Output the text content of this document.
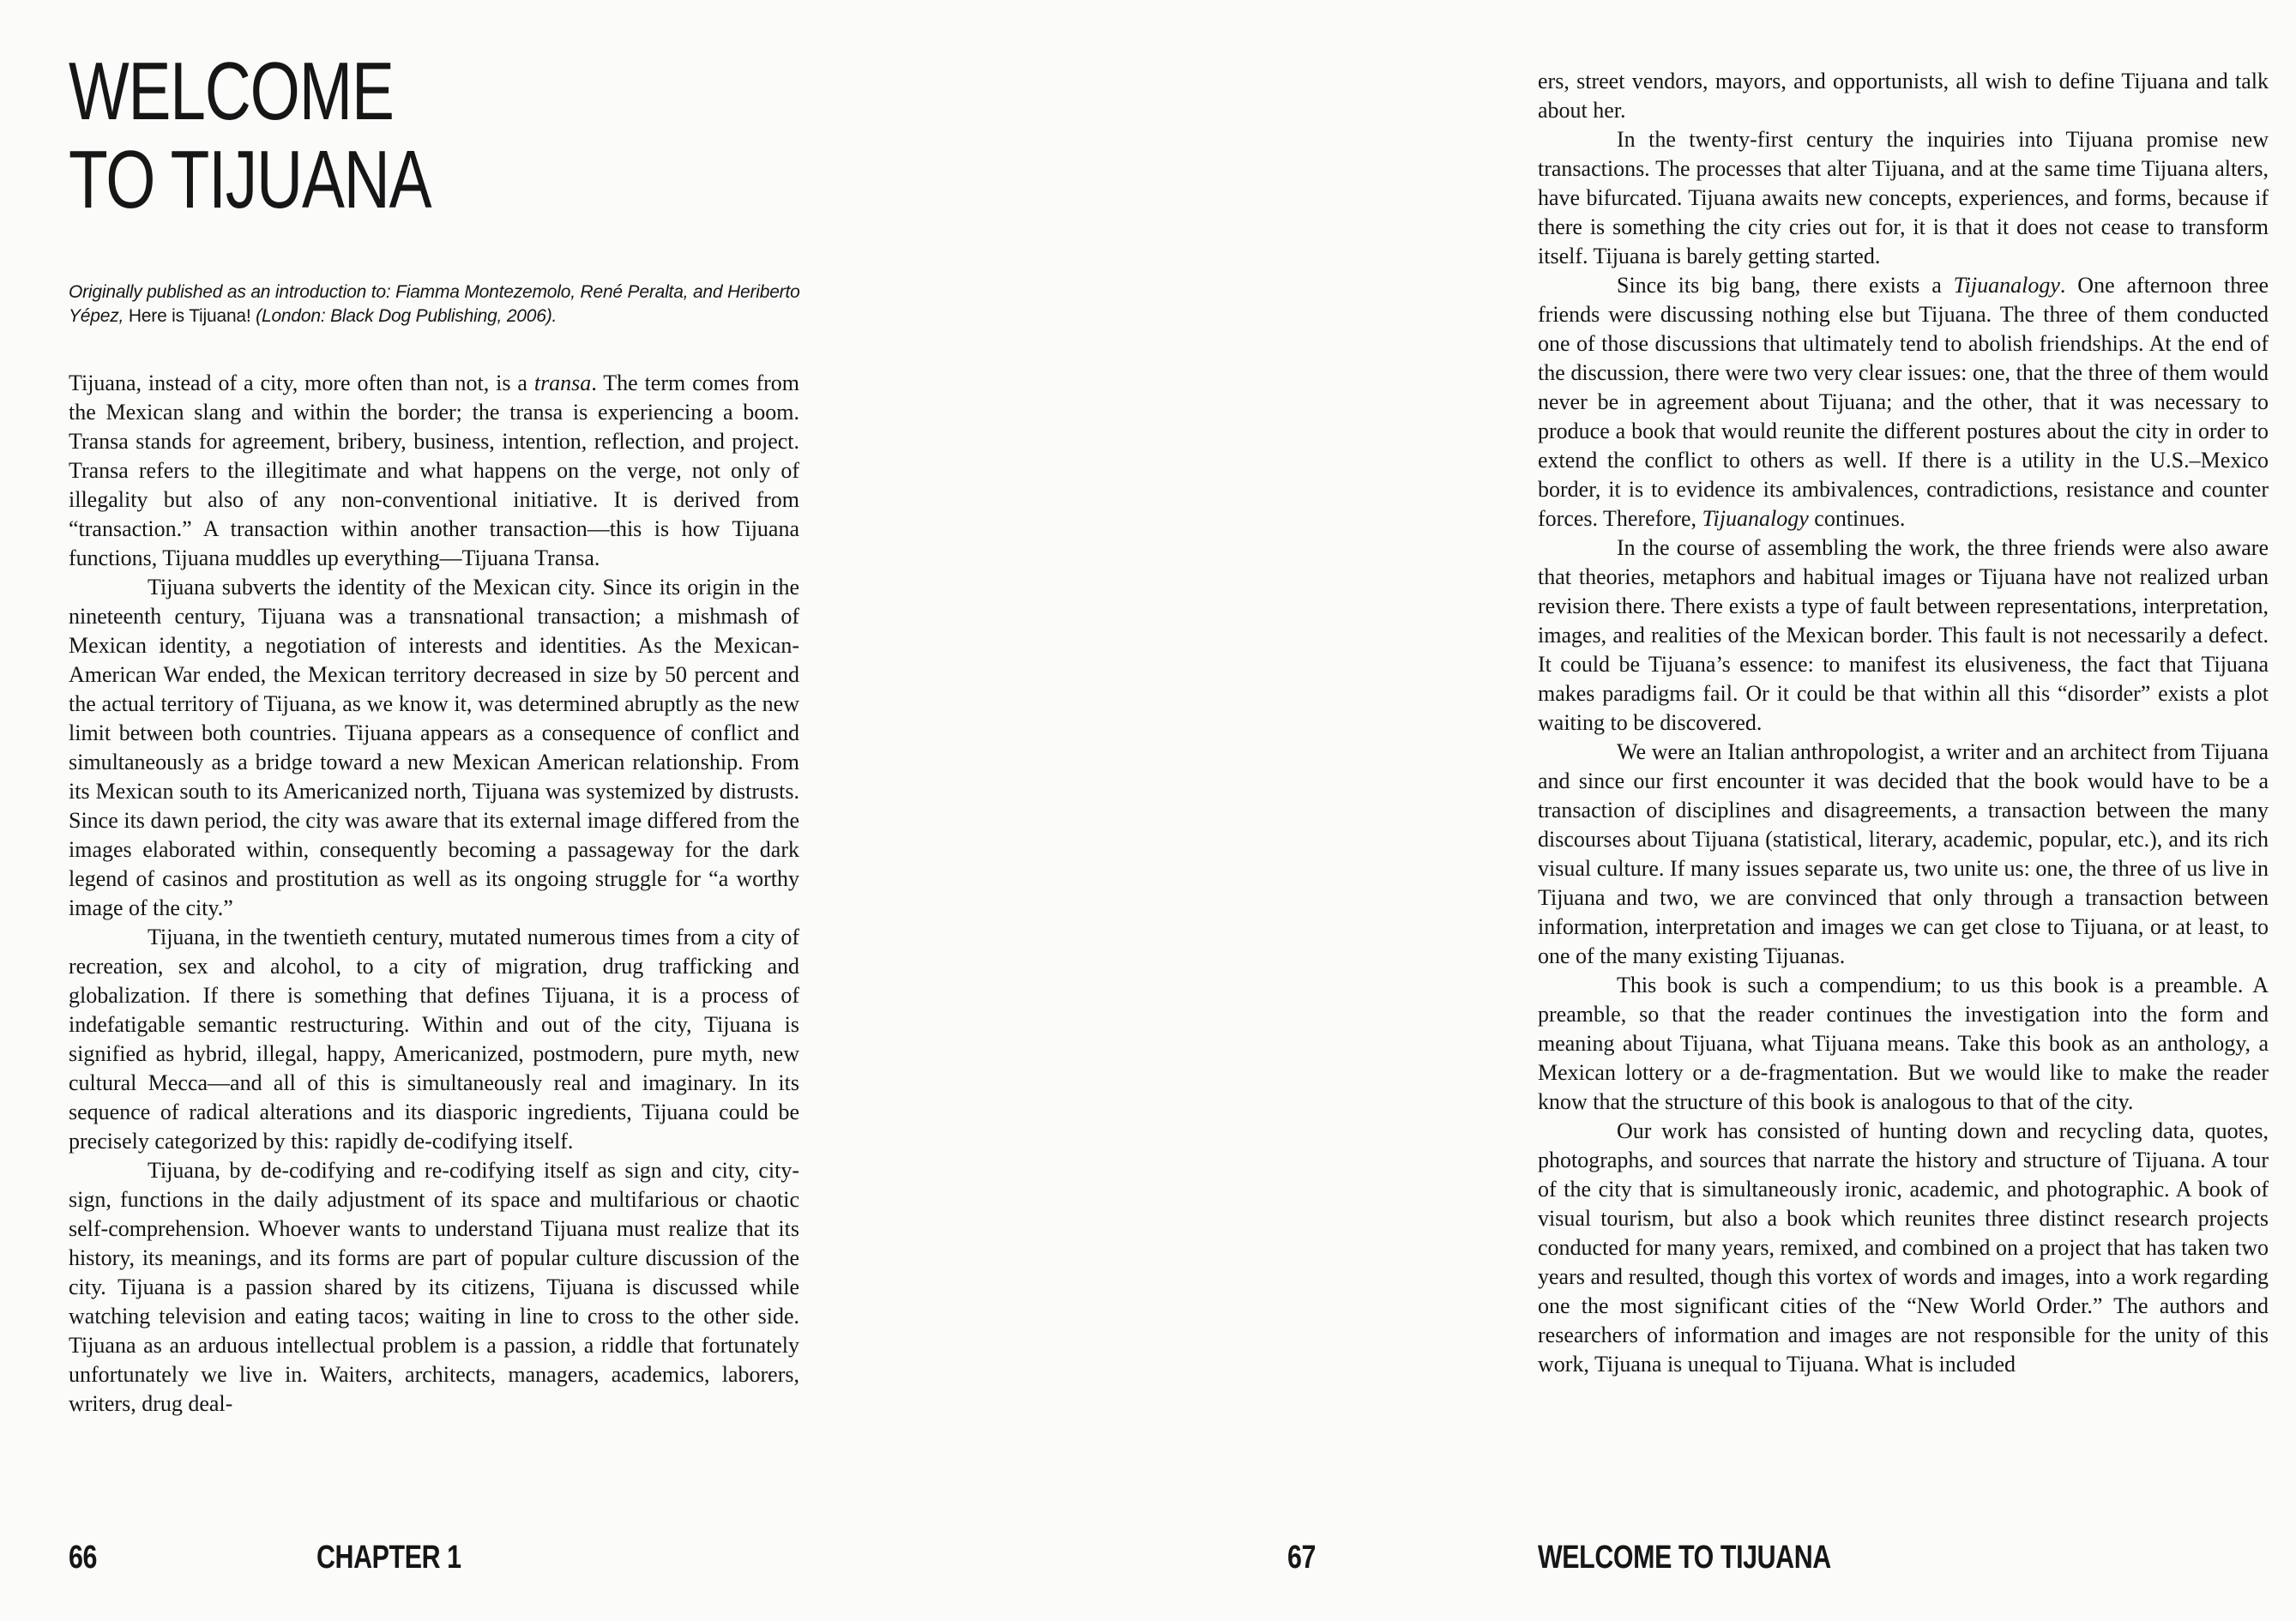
WELCOME
TO TIJUANA
Originally published as an introduction to: Fiamma Montezemolo, René Peralta, and Heriberto Yépez, Here is Tijuana! (London: Black Dog Publishing, 2006).

Tijuana, instead of a city, more often than not, is a transa. The term comes from the Mexican slang and within the border; the transa is experiencing a boom. Transa stands for agreement, bribery, business, intention, reflection, and project. Transa refers to the illegitimate and what happens on the verge, not only of illegality but also of any non-conventional initiative. It is derived from “transaction.” A transaction within another transaction—this is how Tijuana functions, Tijuana muddles up everything—Tijuana Transa.

Tijuana subverts the identity of the Mexican city. Since its origin in the nineteenth century, Tijuana was a transnational transaction; a mishmash of Mexican identity, a negotiation of interests and identities. As the Mexican-American War ended, the Mexican territory decreased in size by 50 percent and the actual territory of Tijuana, as we know it, was determined abruptly as the new limit between both countries. Tijuana appears as a consequence of conflict and simultaneously as a bridge toward a new Mexican American relationship. From its Mexican south to its Americanized north, Tijuana was systemized by distrusts. Since its dawn period, the city was aware that its external image differed from the images elaborated within, consequently becoming a passageway for the dark legend of casinos and prostitution as well as its ongoing struggle for “a worthy image of the city.”

Tijuana, in the twentieth century, mutated numerous times from a city of recreation, sex and alcohol, to a city of migration, drug trafficking and globalization. If there is something that defines Tijuana, it is a process of indefatigable semantic restructuring. Within and out of the city, Tijuana is signified as hybrid, illegal, happy, Americanized, postmodern, pure myth, new cultural Mecca—and all of this is simultaneously real and imaginary. In its sequence of radical alterations and its diasporic ingredients, Tijuana could be precisely categorized by this: rapidly de-codifying itself.

Tijuana, by de-codifying and re-codifying itself as sign and city, city-sign, functions in the daily adjustment of its space and multifarious or chaotic self-comprehension. Whoever wants to understand Tijuana must realize that its history, its meanings, and its forms are part of popular culture discussion of the city. Tijuana is a passion shared by its citizens, Tijuana is discussed while watching television and eating tacos; waiting in line to cross to the other side. Tijuana as an arduous intellectual problem is a passion, a riddle that fortunately unfortunately we live in. Waiters, architects, managers, academics, laborers, writers, drug deal-

66	CHAPTER 1

ers, street vendors, mayors, and opportunists, all wish to define Tijuana and talk about her.

In the twenty-first century the inquiries into Tijuana promise new transactions. The processes that alter Tijuana, and at the same time Tijuana alters, have bifurcated. Tijuana awaits new concepts, experiences, and forms, because if there is something the city cries out for, it is that it does not cease to transform itself. Tijuana is barely getting started.

Since its big bang, there exists a Tijuanalogy. One afternoon three friends were discussing nothing else but Tijuana. The three of them conducted one of those discussions that ultimately tend to abolish friendships. At the end of the discussion, there were two very clear issues: one, that the three of them would never be in agreement about Tijuana; and the other, that it was necessary to produce a book that would reunite the different postures about the city in order to extend the conflict to others as well. If there is a utility in the U.S.–Mexico border, it is to evidence its ambivalences, contradictions, resistance and counter forces. Therefore, Tijuanalogy continues.

In the course of assembling the work, the three friends were also aware that theories, metaphors and habitual images or Tijuana have not realized urban revision there. There exists a type of fault between representations, interpretation, images, and realities of the Mexican border. This fault is not necessarily a defect. It could be Tijuana’s essence: to manifest its elusiveness, the fact that Tijuana makes paradigms fail. Or it could be that within all this “disorder” exists a plot waiting to be discovered.

We were an Italian anthropologist, a writer and an architect from Tijuana and since our first encounter it was decided that the book would have to be a transaction of disciplines and disagreements, a transaction between the many discourses about Tijuana (statistical, literary, academic, popular, etc.), and its rich visual culture. If many issues separate us, two unite us: one, the three of us live in Tijuana and two, we are convinced that only through a transaction between information, interpretation and images we can get close to Tijuana, or at least, to one of the many existing Tijuanas.

This book is such a compendium; to us this book is a preamble. A preamble, so that the reader continues the investigation into the form and meaning about Tijuana, what Tijuana means. Take this book as an anthology, a Mexican lottery or a de-fragmentation. But we would like to make the reader know that the structure of this book is analogous to that of the city.

Our work has consisted of hunting down and recycling data, quotes, photographs, and sources that narrate the history and structure of Tijuana. A tour of the city that is simultaneously ironic, academic, and photographic. A book of visual tourism, but also a book which reunites three distinct research projects conducted for many years, remixed, and combined on a project that has taken two years and resulted, though this vortex of words and images, into a work regarding one the most significant cities of the “New World Order.” The authors and researchers of information and images are not responsible for the unity of this work, Tijuana is unequal to Tijuana. What is included

67	WELCOME TO TIJUANA
